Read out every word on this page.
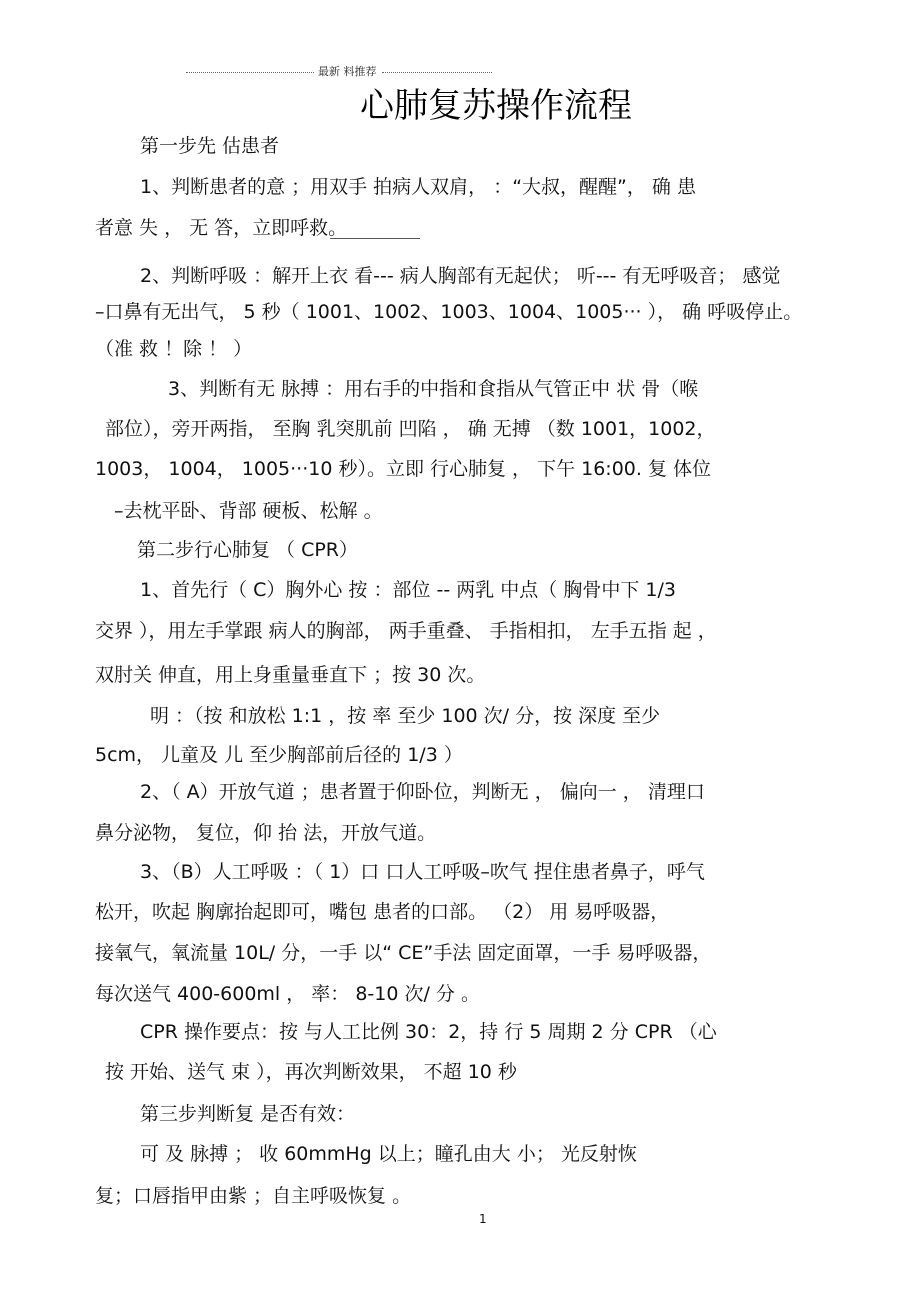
最新 料推荐
心肺复苏操作流程
第一步先 估患者
1、判断患者的意 ；用双手 拍病人双肩， ：“大叔，醒醒”， 确 患
者意 失 ， 无 答，立即呼救。
2、判断呼吸 ：解开上衣 看--- 病人胸部有无起伏； 听--- 有无呼吸音； 感觉
–口鼻有无出气， 5 秒（ 1001、1002、1003、1004、1005··· ）， 确 呼吸停止。
（准 救 ！除 ！ ）
3、判断有无 脉搏 ：用右手的中指和食指从气管正中 状 骨（喉
部位），旁开两指， 至胸 乳突肌前 凹陷 ， 确 无搏 （数 1001，1002，
1003， 1004， 1005···10 秒）。立即 行心肺复 ， 下午 16:00. 复 体位
–去枕平卧、背部 硬板、松解 。
第二步行心肺复 （ CPR）
1、首先行（ C）胸外心 按 ：部位 -- 两乳 中点（ 胸骨中下 1/3
交界 ），用左手掌跟 病人的胸部， 两手重叠、 手指相扣， 左手五指 起 ，
双肘关 伸直，用上身重量垂直下 ；按 30 次。
明 ：（按 和放松 1:1 ，按 率 至少 100 次/ 分，按 深度 至少
5cm， 儿童及 儿 至少胸部前后径的 1/3 ）
2、（ A）开放气道 ；患者置于仰卧位，判断无 ， 偏向一 ， 清理口
鼻分泌物， 复位，仰 抬 法，开放气道。
3、（B）人工呼吸 ：（ 1）口 口人工呼吸–吹气 捏住患者鼻子，呼气
松开，吹起 胸廓抬起即可，嘴包 患者的口部。 （2） 用 易呼吸器，
接氧气，氧流量 10L/ 分，一手 以“ CE”手法 固定面罩，一手 易呼吸器，
每次送气 400-600ml ， 率： 8-10 次/ 分 。
CPR 操作要点：按 与人工比例 30：2，持 行 5 周期 2 分 CPR （心
按 开始、送气 束 ），再次判断效果， 不超 10 秒
第三步判断复 是否有效：
可 及 脉搏 ； 收 60mmHg 以上；瞳孔由大 小； 光反射恢
复；口唇指甲由紫 ；自主呼吸恢复 。
1
